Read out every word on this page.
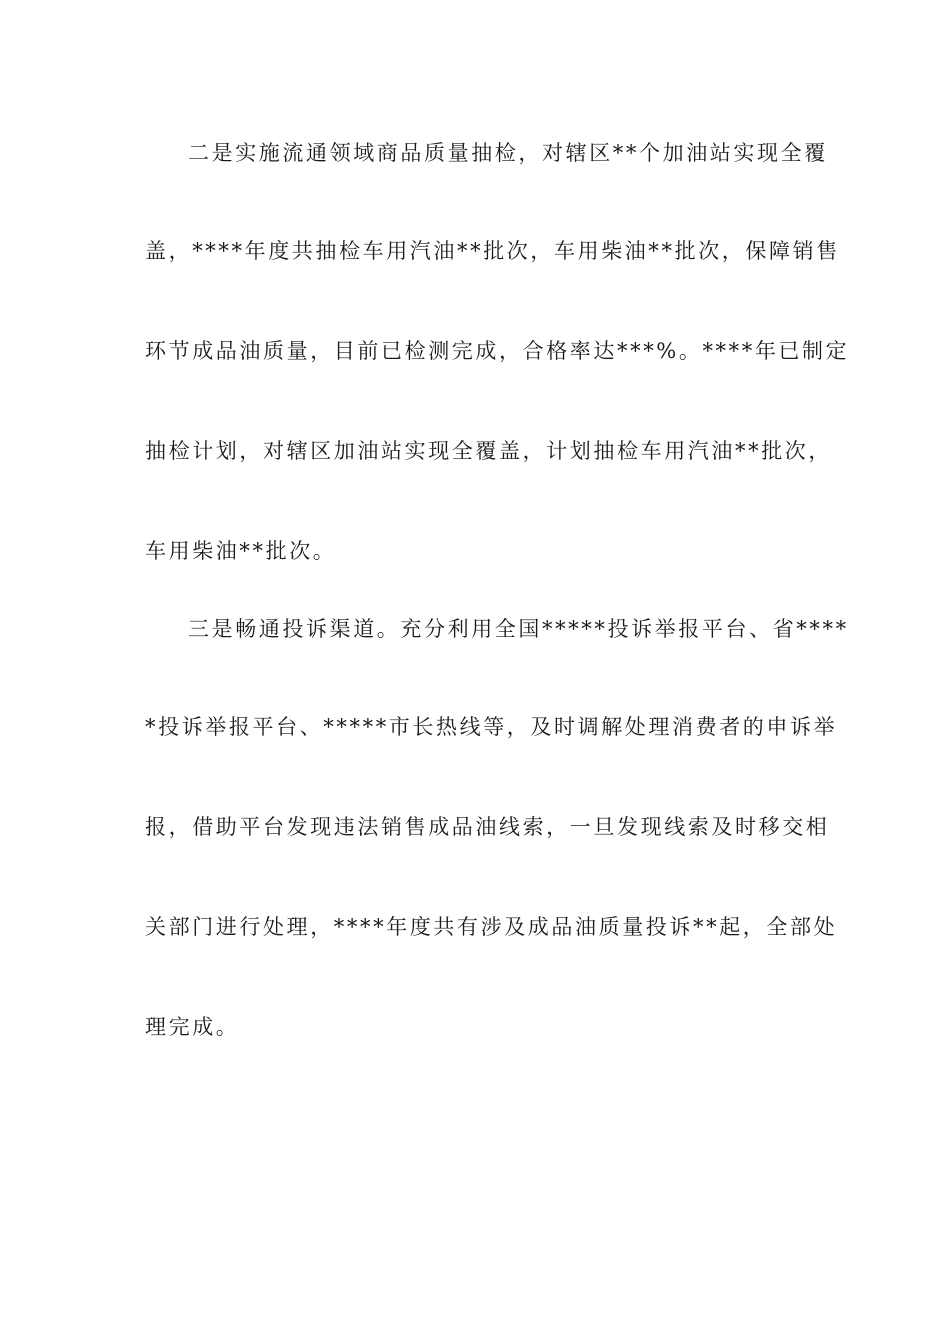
二是实施流通领域商品质量抽检，对辖区**个加油站实现全覆
盖，****年度共抽检车用汽油**批次，车用柴油**批次，保障销售
环节成品油质量，目前已检测完成，合格率达***%。****年已制定
抽检计划，对辖区加油站实现全覆盖，计划抽检车用汽油**批次，
车用柴油**批次。
三是畅通投诉渠道。充分利用全国*****投诉举报平台、省****
*投诉举报平台、*****市长热线等，及时调解处理消费者的申诉举
报，借助平台发现违法销售成品油线索，一旦发现线索及时移交相
关部门进行处理，****年度共有涉及成品油质量投诉**起，全部处
理完成。
